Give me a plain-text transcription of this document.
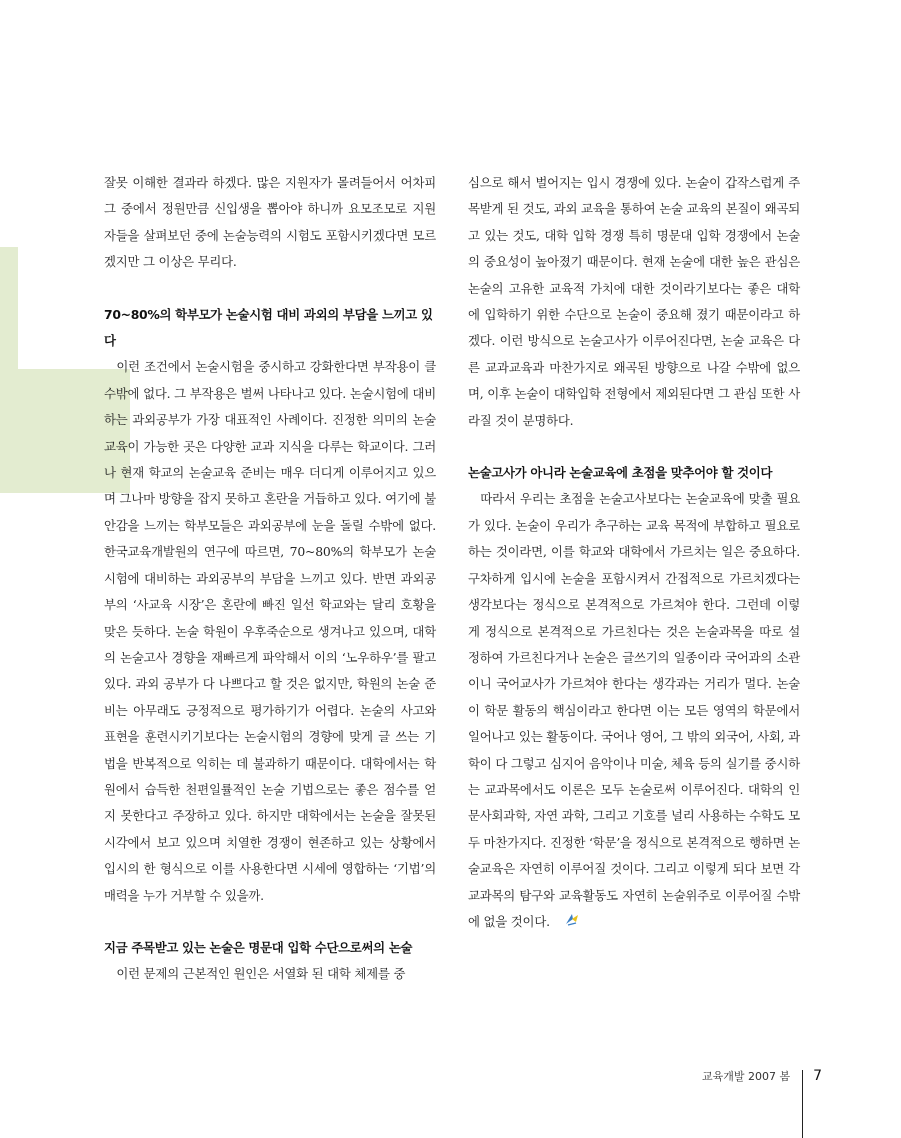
잘못 이해한 결과라 하겠다. 많은 지원자가 몰려들어서 어차피 그 중에서 정원만큼 신입생을 뽑아야 하니까 요모조모로 지원자들을 살펴보던 중에 논술능력의 시험도 포함시키겠다면 모르겠지만 그 이상은 무리다.

70~80%의 학부모가 논술시험 대비 과외의 부담을 느끼고 있다

이런 조건에서 논술시험을 중시하고 강화한다면 부작용이 클 수밖에 없다. 그 부작용은 벌써 나타나고 있다. 논술시험에 대비하는 과외공부가 가장 대표적인 사례이다. 진정한 의미의 논술 교육이 가능한 곳은 다양한 교과 지식을 다루는 학교이다. 그러나 현재 학교의 논술교육 준비는 매우 더디게 이루어지고 있으며 그나마 방향을 잡지 못하고 혼란을 거듭하고 있다. 여기에 불안감을 느끼는 학부모들은 과외공부에 눈을 돌릴 수밖에 없다. 한국교육개발원의 연구에 따르면, 70~80%의 학부모가 논술시험에 대비하는 과외공부의 부담을 느끼고 있다. 반면 과외공부의 ‘사교육 시장’은 혼란에 빠진 일선 학교와는 달리 호황을 맞은 듯하다. 논술 학원이 우후죽순으로 생겨나고 있으며, 대학의 논술고사 경향을 재빠르게 파악해서 이의 ‘노우하우’를 팔고 있다. 과외 공부가 다 나쁘다고 할 것은 없지만, 학원의 논술 준비는 아무래도 긍정적으로 평가하기가 어렵다. 논술의 사고와 표현을 훈련시키기보다는 논술시험의 경향에 맞게 글 쓰는 기법을 반복적으로 익히는 데 불과하기 때문이다. 대학에서는 학원에서 습득한 천편일률적인 논술 기법으로는 좋은 점수를 얻지 못한다고 주장하고 있다. 하지만 대학에서는 논술을 잘못된 시각에서 보고 있으며 치열한 경쟁이 현존하고 있는 상황에서 입시의 한 형식으로 이를 사용한다면 시세에 영합하는 ‘기법’의 매력을 누가 거부할 수 있을까.

지금 주목받고 있는 논술은 명문대 입학 수단으로써의 논술

이런 문제의 근본적인 원인은 서열화 된 대학 체제를 중

심으로 해서 벌어지는 입시 경쟁에 있다. 논술이 갑작스럽게 주목받게 된 것도, 과외 교육을 통하여 논술 교육의 본질이 왜곡되고 있는 것도, 대학 입학 경쟁 특히 명문대 입학 경쟁에서 논술의 중요성이 높아졌기 때문이다. 현재 논술에 대한 높은 관심은 논술의 고유한 교육적 가치에 대한 것이라기보다는 좋은 대학에 입학하기 위한 수단으로 논술이 중요해 졌기 때문이라고 하겠다. 이런 방식으로 논술고사가 이루어진다면, 논술 교육은 다른 교과교육과 마찬가지로 왜곡된 방향으로 나갈 수밖에 없으며, 이후 논술이 대학입학 전형에서 제외된다면 그 관심 또한 사라질 것이 분명하다.

논술고사가 아니라 논술교육에 초점을 맞추어야 할 것이다

따라서 우리는 초점을 논술고사보다는 논술교육에 맞출 필요가 있다. 논술이 우리가 추구하는 교육 목적에 부합하고 필요로 하는 것이라면, 이를 학교와 대학에서 가르치는 일은 중요하다. 구차하게 입시에 논술을 포함시켜서 간접적으로 가르치겠다는 생각보다는 정식으로 본격적으로 가르쳐야 한다. 그런데 이렇게 정식으로 본격적으로 가르친다는 것은 논술과목을 따로 설정하여 가르친다거나 논술은 글쓰기의 일종이라 국어과의 소관이니 국어교사가 가르쳐야 한다는 생각과는 거리가 멀다. 논술이 학문 활동의 핵심이라고 한다면 이는 모든 영역의 학문에서 일어나고 있는 활동이다. 국어나 영어, 그 밖의 외국어, 사회, 과학이 다 그렇고 심지어 음악이나 미술, 체육 등의 실기를 중시하는 교과목에서도 이론은 모두 논술로써 이루어진다. 대학의 인문사회과학, 자연 과학, 그리고 기호를 널리 사용하는 수학도 모두 마찬가지다. 진정한 ‘학문’을 정식으로 본격적으로 행하면 논술교육은 자연히 이루어질 것이다. 그리고 이렇게 되다 보면 각 교과목의 탐구와 교육활동도 자연히 논술위주로 이루어질 수밖에 없을 것이다.

교육개발 2007 봄 7
